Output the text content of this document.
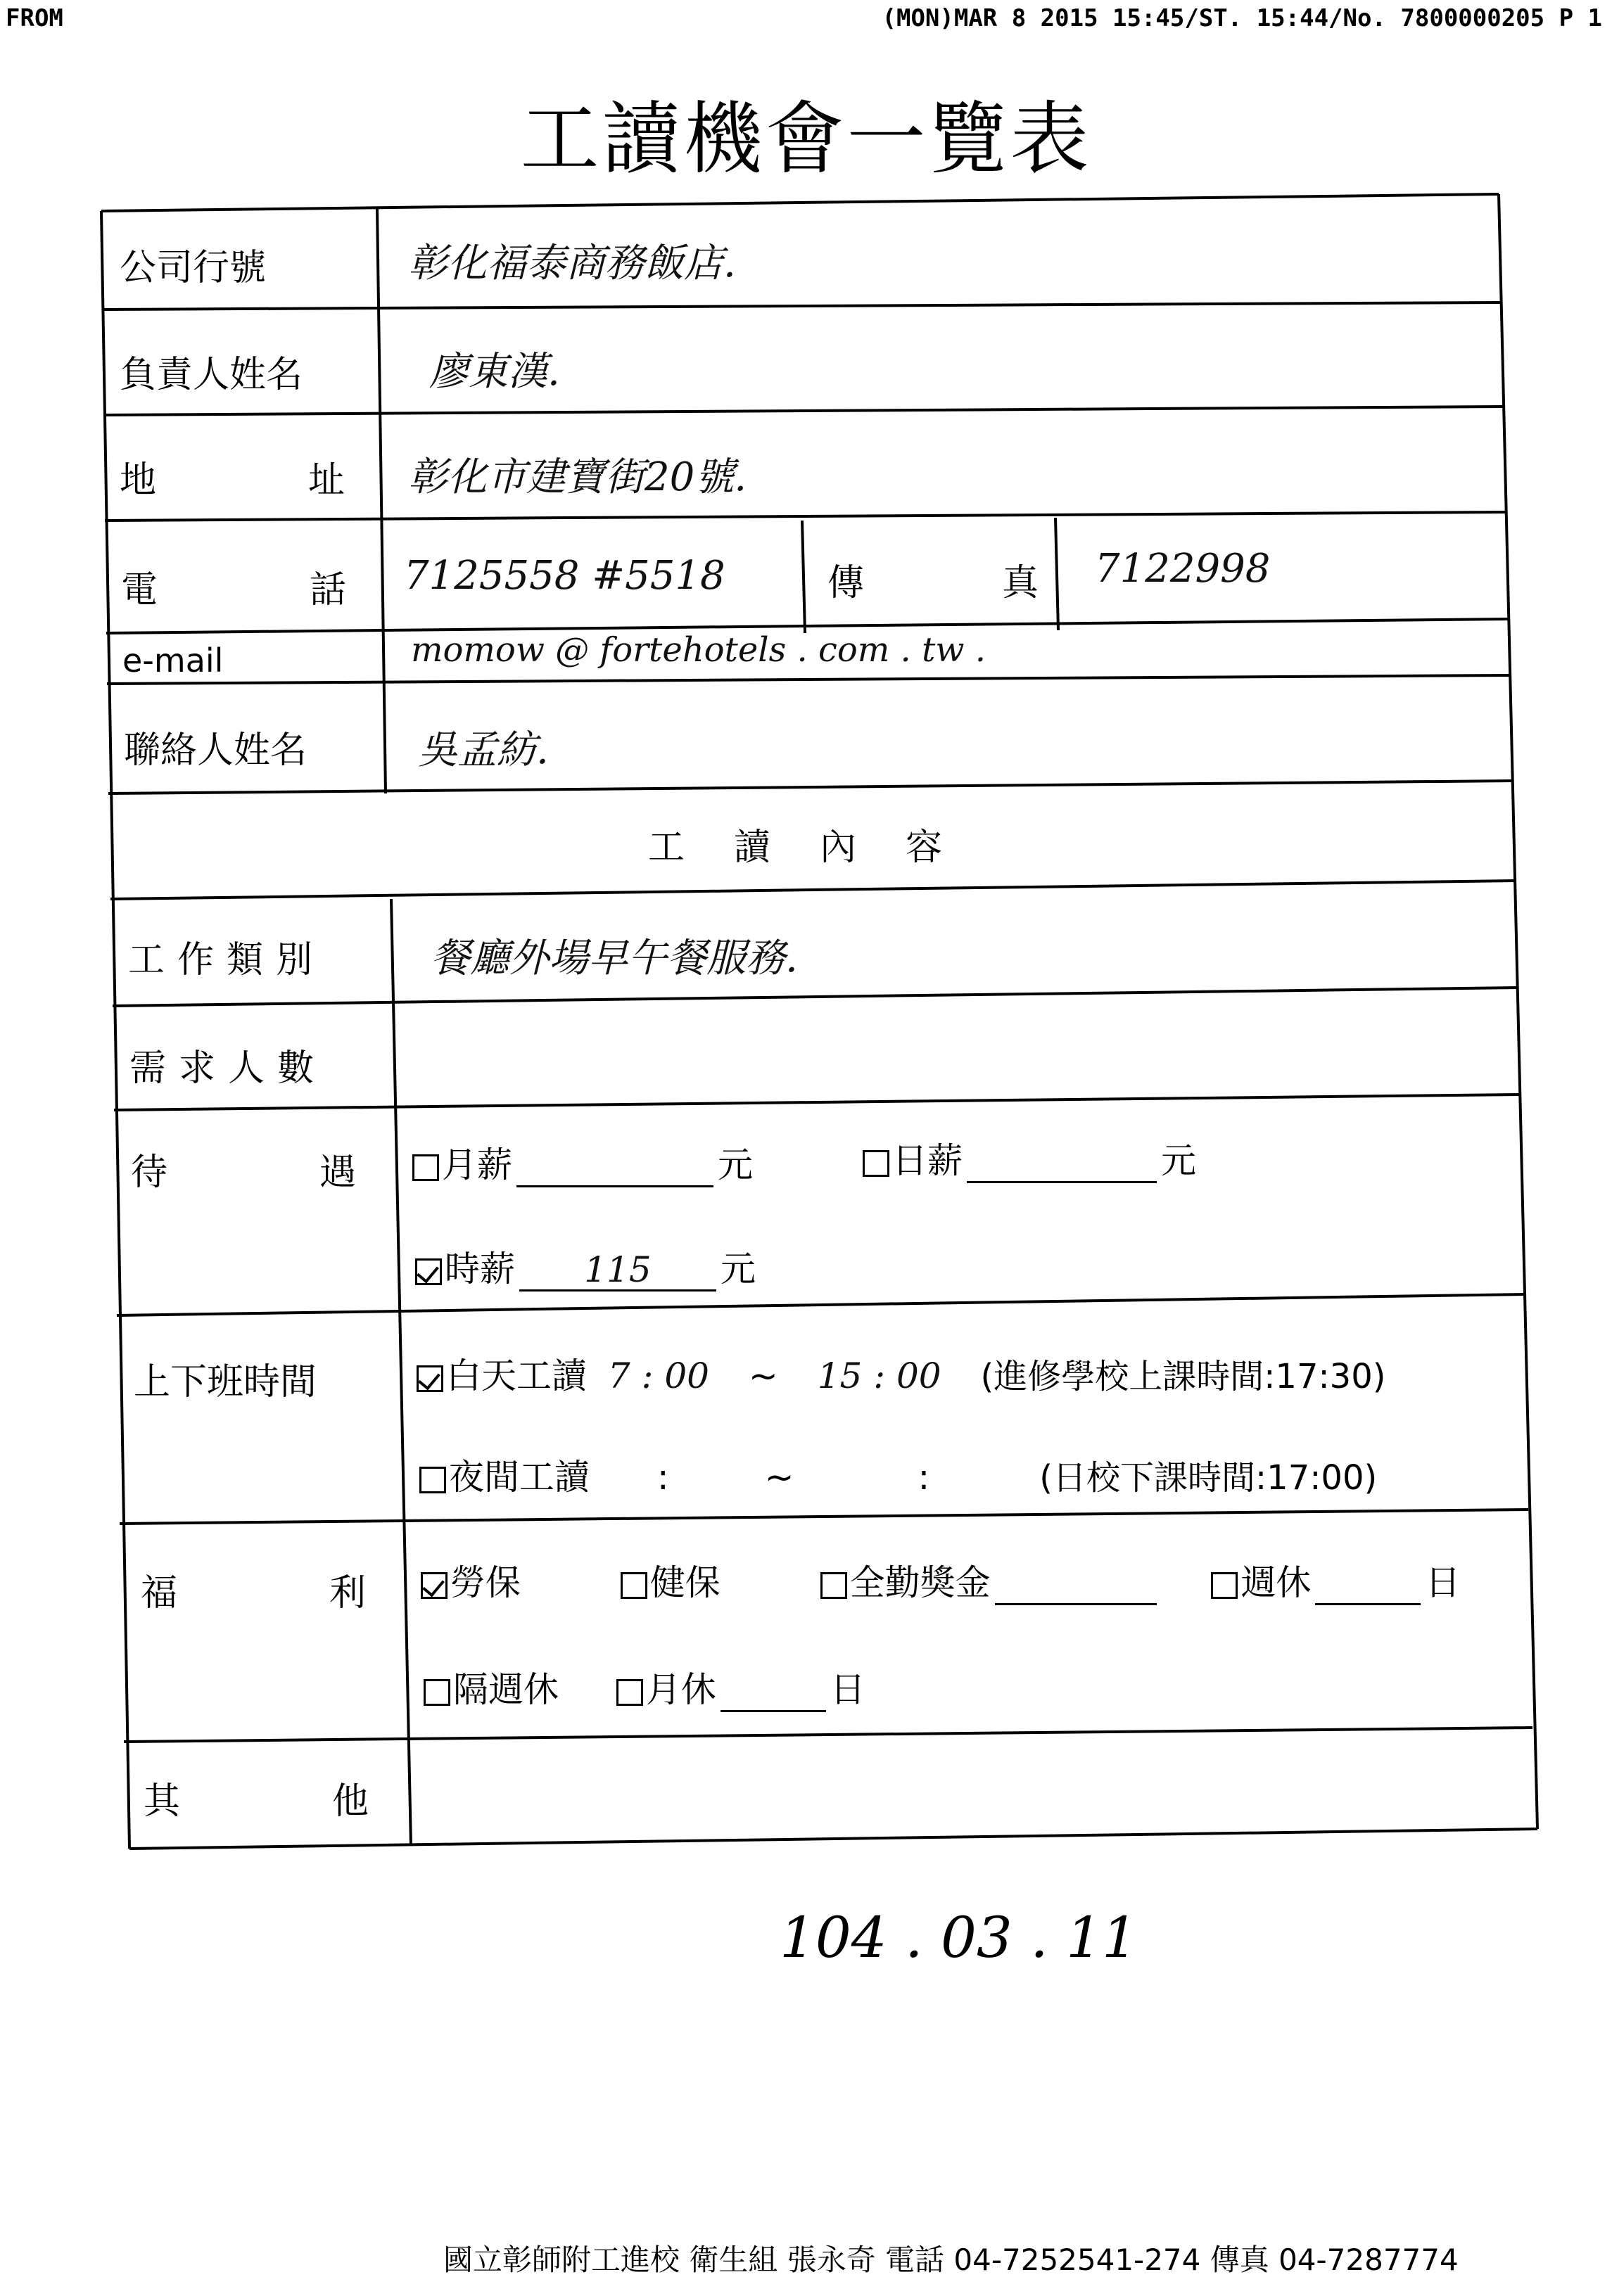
FROM	(MON)MAR 8 2015 15:45/ST. 15:44/No. 7800000205 P 1
工讀機會一覽表
公司行號	彰化福泰商務飯店.
負責人姓名	廖東漢.
地	址 彰化市建寶街20號.
電	話 7125558 #5518	傳	真 7122998
e-mail	momow @ fortehotels . com . tw .
聯絡人姓名	吳孟紡.
工讀內容
工作類別	餐廳外場早午餐服務.
需求人數
待	遇	月薪	元	日薪	元
時薪 115 元
上下班時間	白天工讀 7 : 00 ~ 15 : 00 (進修學校上課時間:17:30)
夜間工讀 :	~	:	(日校下課時間:17:00)
福	利	勞保	健保	全勤獎金	週休	日
隔週休 月休	日
其	他
104 . 03 . 11
國立彰師附工進校 衛生組 張永奇 電話 04-7252541-274 傳真 04-7287774
